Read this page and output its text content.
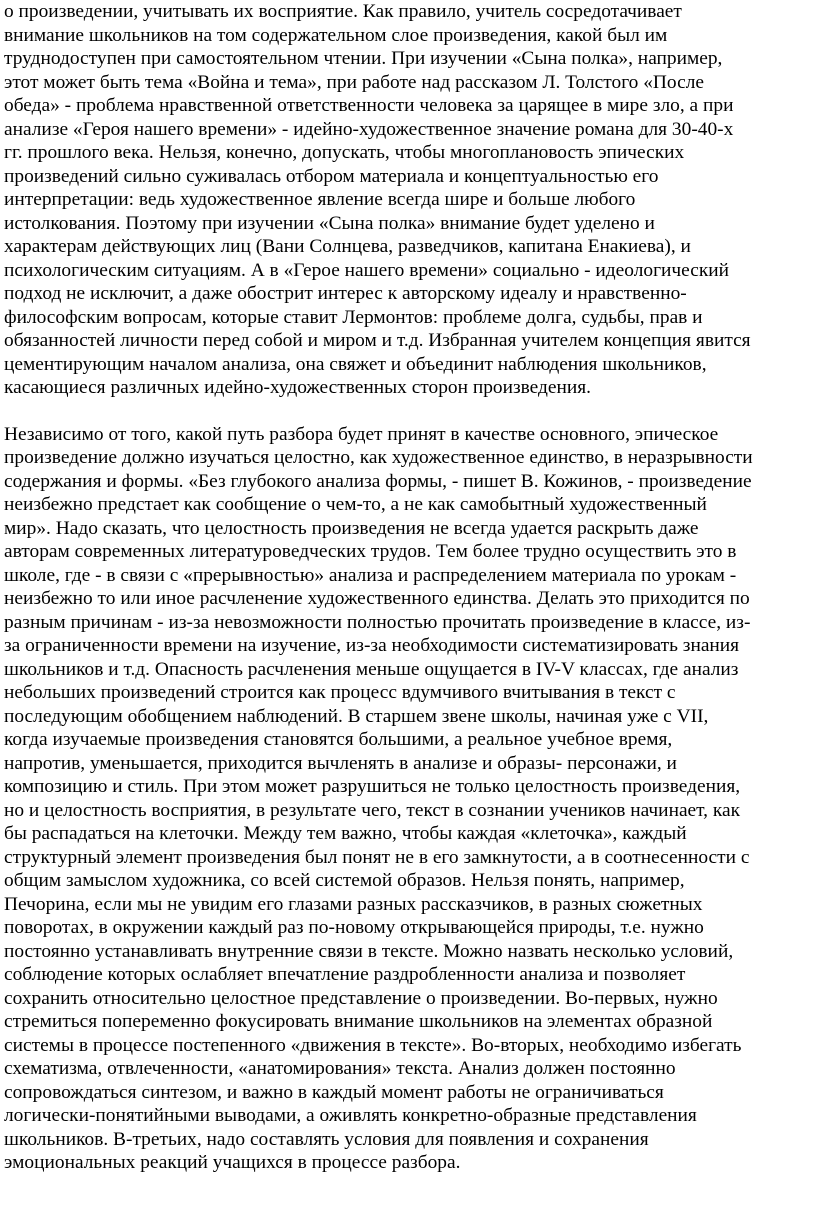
о произведении, учитывать их восприятие. Как правило, учитель сосредотачивает
внимание школьников на том содержательном слое произведения, какой был им
труднодоступен при самостоятельном чтении. При изучении «Сына полка», например,
этот может быть тема «Война и тема», при работе над рассказом Л. Толстого «После
обеда» - проблема нравственной ответственности человека за царящее в мире зло, а при
анализе «Героя нашего времени» - идейно-художественное значение романа для 30-40-х
гг. прошлого века. Нельзя, конечно, допускать, чтобы многоплановость эпических
произведений сильно суживалась отбором материала и концептуальностью его
интерпретации: ведь художественное явление всегда шире и больше любого
истолкования. Поэтому при изучении «Сына полка» внимание будет уделено и
характерам действующих лиц (Вани Солнцева, разведчиков, капитана Енакиева), и
психологическим ситуациям. А в «Герое нашего времени» социально - идеологический
подход не исключит, а даже обострит интерес к авторскому идеалу и нравственно-
философским вопросам, которые ставит Лермонтов: проблеме долга, судьбы, прав и
обязанностей личности перед собой и миром и т.д. Избранная учителем концепция явится
цементирующим началом анализа, она свяжет и объединит наблюдения школьников,
касающиеся различных идейно-художественных сторон произведения.

Независимо от того, какой путь разбора будет принят в качестве основного, эпическое
произведение должно изучаться целостно, как художественное единство, в неразрывности
содержания и формы. «Без глубокого анализа формы, - пишет В. Кожинов, - произведение
неизбежно предстает как сообщение о чем-то, а не как самобытный художественный
мир». Надо сказать, что целостность произведения не всегда удается раскрыть даже
авторам современных литературоведческих трудов. Тем более трудно осуществить это в
школе, где - в связи с «прерывностью» анализа и распределением материала по урокам -
неизбежно то или иное расчленение художественного единства. Делать это приходится по
разным причинам - из-за невозможности полностью прочитать произведение в классе, из-
за ограниченности времени на изучение, из-за необходимости систематизировать знания
школьников и т.д. Опасность расчленения меньше ощущается в IV-V классах, где анализ
небольших произведений строится как процесс вдумчивого вчитывания в текст с
последующим обобщением наблюдений. В старшем звене школы, начиная уже с VII,
когда изучаемые произведения становятся большими, а реальное учебное время,
напротив, уменьшается, приходится вычленять в анализе и образы- персонажи, и
композицию и стиль. При этом может разрушиться не только целостность произведения,
но и целостность восприятия, в результате чего, текст в сознании учеников начинает, как
бы распадаться на клеточки. Между тем важно, чтобы каждая «клеточка», каждый
структурный элемент произведения был понят не в его замкнутости, а в соотнесенности с
общим замыслом художника, со всей системой образов. Нельзя понять, например,
Печорина, если мы не увидим его глазами разных рассказчиков, в разных сюжетных
поворотах, в окружении каждый раз по-новому открывающейся природы, т.е. нужно
постоянно устанавливать внутренние связи в тексте. Можно назвать несколько условий,
соблюдение которых ослабляет впечатление раздробленности анализа и позволяет
сохранить относительно целостное представление о произведении. Во-первых, нужно
стремиться попеременно фокусировать внимание школьников на элементах образной
системы в процессе постепенного «движения в тексте». Во-вторых, необходимо избегать
схематизма, отвлеченности, «анатомирования» текста. Анализ должен постоянно
сопровождаться синтезом, и важно в каждый момент работы не ограничиваться
логически-понятийными выводами, а оживлять конкретно-образные представления
школьников. В-третьих, надо составлять условия для появления и сохранения
эмоциональных реакций учащихся в процессе разбора.
